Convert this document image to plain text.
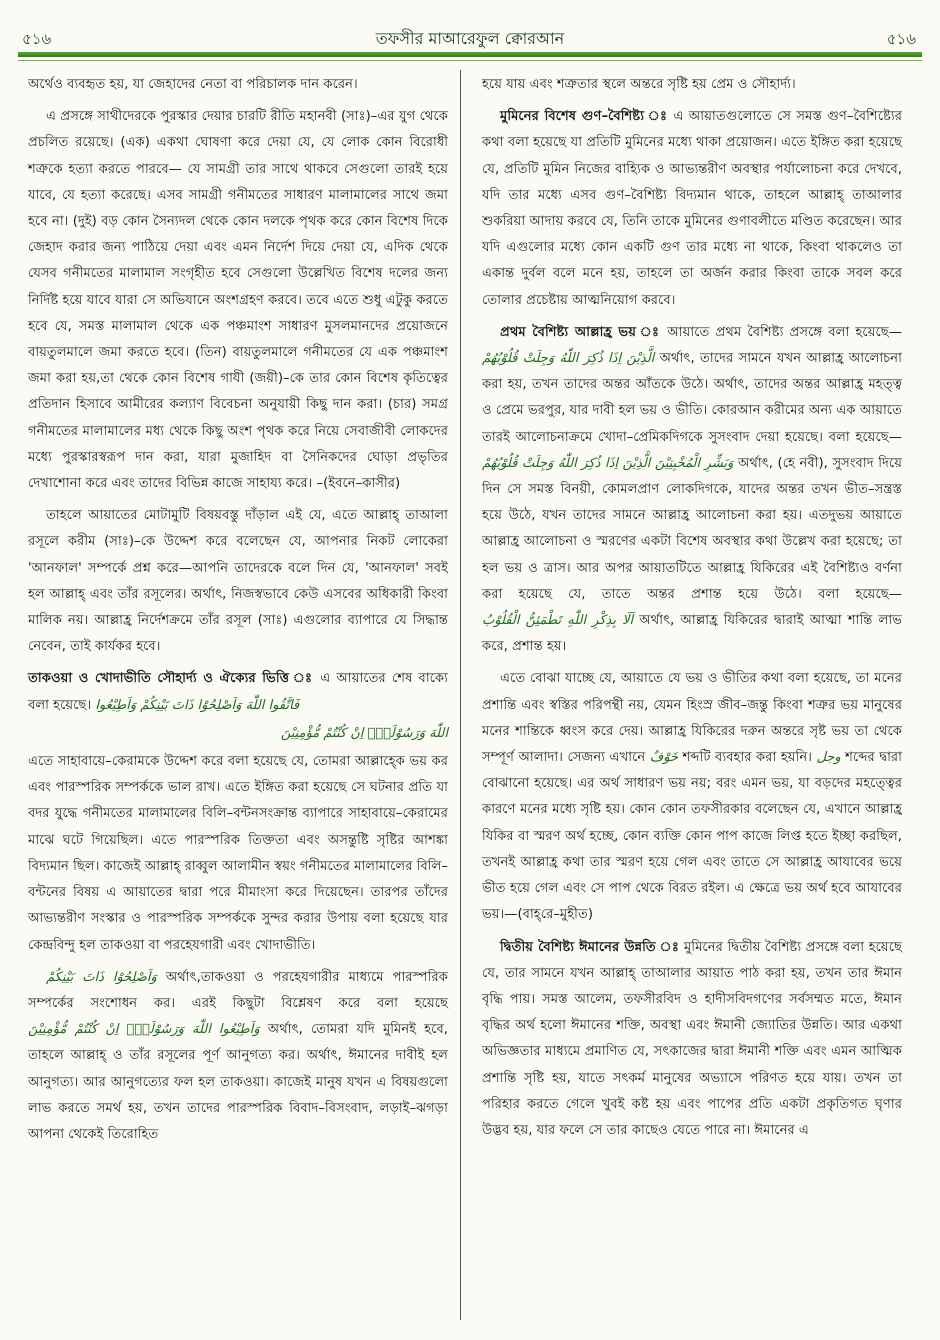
৫১৬	তফসীর মাআরেফুল ক্বোরআন	৫১৬

অর্থেও ব্যবহৃত হয়, যা জেহাদের নেতা বা পরিচালক দান করেন।

এ প্রসঙ্গে সাথীদেরকে পুরস্কার দেয়ার চারটি রীতি মহানবী (সাঃ)–এর যুগ থেকে প্রচলিত রয়েছে। (এক) একথা ঘোষণা করে দেয়া যে, যে লোক কোন বিরোধী শত্রুকে হত্যা করতে পারবে— যে সামগ্রী তার সাথে থাকবে সেগুলো তারই হয়ে যাবে, যে হত্যা করেছে। এসব সামগ্রী গনীমতের সাধারণ মালামালের সাথে জমা হবে না। (দুই) বড় কোন সৈন্যদল থেকে কোন দলকে পৃথক করে কোন বিশেষ দিকে জেহাদ করার জন্য পাঠিয়ে দেয়া এবং এমন নির্দেশ দিয়ে দেয়া যে, এদিক থেকে যেসব গনীমতের মালামাল সংগৃহীত হবে সেগুলো উল্লেখিত বিশেষ দলের জন্য নির্দিষ্ট হয়ে যাবে যারা সে অভিযানে অংশগ্রহণ করবে। তবে এতে শুধু এটুকু করতে হবে যে, সমস্ত মালামাল থেকে এক পঞ্চমাংশ সাধারণ মুসলমানদের প্রয়োজনে বায়তুলমালে জমা করতে হবে। (তিন) বায়তুলমালে গনীমতের যে এক পঞ্চমাংশ জমা করা হয়,তা থেকে কোন বিশেষ গাযী (জয়ী)–কে তার কোন বিশেষ কৃতিত্বের প্রতিদান হিসাবে আমীরের কল্যাণ বিবেচনা অনুযায়ী কিছু দান করা। (চার) সমগ্র গনীমতের মালামালের মধ্য থেকে কিছু অংশ পৃথক করে নিয়ে সেবাজীবী লোকদের মধ্যে পুরস্কারস্বরূপ দান করা, যারা মুজাহিদ বা সৈনিকদের ঘোড়া প্রভৃতির দেখাশোনা করে এবং তাদের বিভিন্ন কাজে সাহায্য করে। –(ইবনে–কাসীর)

তাহলে আয়াতের মোটামুটি বিষয়বস্তু দাঁড়াল এই যে, এতে আল্লাহ্ তাআলা রসূলে করীম (সাঃ)–কে উদ্দেশ করে বলেছেন যে, আপনার নিকট লোকেরা 'আনফাল' সম্পর্কে প্রশ্ন করে—আপনি তাদেরকে বলে দিন যে, 'আনফাল' সবই হল আল্লাহ্ এবং তাঁর রসূলের। অর্থাৎ, নিজস্বভাবে কেউ এসবের অধিকারী কিংবা মালিক নয়। আল্লাহ্র নির্দেশক্রমে তাঁর রসূল (সাঃ) এগুলোর ব্যাপারে যে সিদ্ধান্ত নেবেন, তাই কার্যকর হবে।

তাকওয়া ও খোদাভীতি সৌহার্দ্য ও ঐক্যের ভিত্তি ঃ এ আয়াতের শেষ বাক্যে বলা হয়েছে। فَاتَّقُوا اللّٰهَ وَاَصْلِحُوْا ذَاتَ بَيْنِكُمْ وَاَطِيْعُوا
اللّٰهَ وَرَسُوْلَهٗۤ اِنْ كُنْتُمْ مُّؤْمِنِيْنَ
এতে সাহাবায়ে–কেরামকে উদ্দেশ করে বলা হয়েছে যে, তোমরা আল্লাহ্কে ভয় কর এবং পারস্পরিক সম্পর্ককে ভাল রাখ। এতে ইঙ্গিত করা হয়েছে সে ঘটনার প্রতি যা বদর যুদ্ধে গনীমতের মালামালের বিলি–বন্টনসংক্রান্ত ব্যাপারে সাহাবায়ে–কেরামের মাঝে ঘটে গিয়েছিল। এতে পারস্পরিক তিক্ততা এবং অসন্তুষ্টি সৃষ্টির আশঙ্কা বিদ্যমান ছিল। কাজেই আল্লাহ্ রাব্বুল আলামীন স্বয়ং গনীমতের মালামালের বিলি–বন্টনের বিষয় এ আয়াতের দ্বারা পরে মীমাংসা করে দিয়েছেন। তারপর তাঁদের আভ্যন্তরীণ সংস্কার ও পারস্পরিক সম্পর্ককে সুন্দর করার উপায় বলা হয়েছে যার কেন্দ্রবিন্দু হল তাকওয়া বা পরহেযগারী এবং খোদাভীতি।

وَاَصْلِحُوْا ذَاتَ بَيْنِكُمْ অর্থাৎ,তাকওয়া ও পরহেযগারীর মাধ্যমে পারস্পরিক সম্পর্কের সংশোধন কর। এরই কিছুটা বিশ্লেষণ করে বলা হয়েছে وَاَطِيْعُوا اللّٰهَ وَرَسُوْلَهٗۤ اِنْ كُنْتُمْ مُّؤْمِنِيْنَ অর্থাৎ, তোমরা যদি মুমিনই হবে, তাহলে আল্লাহ্ ও তাঁর রসূলের পূর্ণ আনুগত্য কর। অর্থাৎ, ঈমানের দাবীই হল আনুগত্য। আর আনুগত্যের ফল হল তাকওয়া। কাজেই মানুষ যখন এ বিষয়গুলো লাভ করতে সমর্থ হয়, তখন তাদের পারস্পরিক বিবাদ–বিসংবাদ, লড়াই–ঝগড়া আপনা থেকেই তিরোহিত

হয়ে যায় এবং শত্রুতার স্থলে অন্তরে সৃষ্টি হয় প্রেম ও সৌহার্দ্য।

মুমিনের বিশেষ গুণ–বৈশিষ্ট্য ঃ এ আয়াতগুলোতে সে সমস্ত গুণ–বৈশিষ্ট্যের কথা বলা হয়েছে যা প্রতিটি মুমিনের মধ্যে থাকা প্রয়োজন। এতে ইঙ্গিত করা হয়েছে যে, প্রতিটি মুমিন নিজের বাহ্যিক ও আভ্যন্তরীণ অবস্থার পর্যালোচনা করে দেখবে, যদি তার মধ্যে এসব গুণ–বৈশিষ্ট্য বিদ্যমান থাকে, তাহলে আল্লাহ্ তাআলার শুকরিয়া আদায় করবে যে, তিনি তাকে মুমিনের গুণাবলীতে মণ্ডিত করেছেন। আর যদি এগুলোর মধ্যে কোন একটি গুণ তার মধ্যে না থাকে, কিংবা থাকলেও তা একান্ত দুর্বল বলে মনে হয়, তাহলে তা অর্জন করার কিংবা তাকে সবল করে তোলার প্রচেষ্টায় আত্মনিয়োগ করবে।

প্রথম বৈশিষ্ট্য আল্লাহ্র ভয় ঃ আয়াতে প্রথম বৈশিষ্ট্য প্রসঙ্গে বলা হয়েছে— الَّذِيْنَ اِذَا ذُكِرَ اللّٰهُ وَجِلَتْ قُلُوْبُهُمْ অর্থাৎ, তাদের সামনে যখন আল্লাহ্র আলোচনা করা হয়, তখন তাদের অন্তর আঁতকে উঠে। অর্থাৎ, তাদের অন্তর আল্লাহ্র মহত্ত্ব ও প্রেমে ভরপুর, যার দাবী হল ভয় ও ভীতি। কোরআন করীমের অন্য এক আয়াতে তারই আলোচনাক্রমে খোদা–প্রেমিকদিগকে সুসংবাদ দেয়া হয়েছে। বলা হয়েছে— وَبَشِّرِ الْمُخْبِتِيْنَ الَّذِيْنَ اِذَا ذُكِرَ اللّٰهُ وَجِلَتْ قُلُوْبُهُمْ	অর্থাৎ, (হে নবী), সুসংবাদ দিয়ে দিন সে সমস্ত বিনয়ী, কোমলপ্রাণ লোকদিগকে, যাদের অন্তর তখন ভীত–সন্ত্রস্ত হয়ে উঠে, যখন তাদের সামনে আল্লাহ্র আলোচনা করা হয়। এতদুভয় আয়াতে আল্লাহ্র আলোচনা ও স্মরণের একটা বিশেষ অবস্থার কথা উল্লেখ করা হয়েছে; তা হল ভয় ও ত্রাস। আর অপর আয়াতটিতে আল্লাহ্র যিকিরের এই বৈশিষ্ট্যও বর্ণনা করা হয়েছে যে, তাতে অন্তর প্রশান্ত হয়ে উঠে। বলা হয়েছে— اَلَا بِذِكْرِ اللّٰهِ تَطْمَئِنُّ الْقُلُوْبُ অর্থাৎ, আল্লাহ্র যিকিরের দ্বারাই আত্মা শান্তি লাভ করে, প্রশান্ত হয়।

এতে বোঝা যাচ্ছে যে, আয়াতে যে ভয় ও ভীতির কথা বলা হয়েছে, তা মনের প্রশান্তি এবং স্বস্তির পরিপন্থী নয়, যেমন হিংস্র জীব–জন্তু কিংবা শত্রুর ভয় মানুষের মনের শান্তিকে ধ্বংস করে দেয়। আল্লাহ্র যিকিরের দরুন অন্তরে সৃষ্ট ভয় তা থেকে সম্পূর্ণ আলাদা। সেজন্য এখানে خَوْفٌ শব্দটি ব্যবহার করা হয়নি। وجل শব্দের দ্বারা বোঝানো হয়েছে। এর অর্থ সাধারণ ভয় নয়; বরং এমন ভয়, যা বড়দের মহত্ত্বের কারণে মনের মধ্যে সৃষ্টি হয়। কোন কোন তফসীরকার বলেছেন যে, এখানে আল্লাহ্র যিকির বা স্মরণ অর্থ হচ্ছে, কোন ব্যক্তি কোন পাপ কাজে লিপ্ত হতে ইচ্ছা করছিল, তখনই আল্লাহ্র কথা তার স্মরণ হয়ে গেল এবং তাতে সে আল্লাহ্র আযাবের ভয়ে ভীত হয়ে গেল এবং সে পাপ থেকে বিরত রইল। এ ক্ষেত্রে ভয় অর্থ হবে আযাবের ভয়।—(বাহ্‌রে–মুহীত)

দ্বিতীয় বৈশিষ্ট্য ঈমানের উন্নতি ঃ মুমিনের দ্বিতীয় বৈশিষ্ট্য প্রসঙ্গে বলা হয়েছে যে, তার সামনে যখন আল্লাহ্ তাআলার আয়াত পাঠ করা হয়, তখন তার ঈমান বৃদ্ধি পায়। সমস্ত আলেম, তফসীরবিদ ও হাদীসবিদগণের সর্বসম্মত মতে, ঈমান বৃদ্ধির অর্থ হলো ঈমানের শক্তি, অবস্থা এবং ঈমানী জ্যোতির উন্নতি। আর একথা অভিজ্ঞতার মাধ্যমে প্রমাণিত যে, সৎকাজের দ্বারা ঈমানী শক্তি এবং এমন আত্মিক প্রশান্তি সৃষ্টি হয়, যাতে সৎকর্ম মানুষের অভ্যাসে পরিণত হয়ে যায়। তখন তা পরিহার করতে গেলে খুবই কষ্ট হয় এবং পাপের প্রতি একটা প্রকৃতিগত ঘৃণার উদ্ভব হয়, যার ফলে সে তার কাছেও যেতে পারে না। ঈমানের এ
